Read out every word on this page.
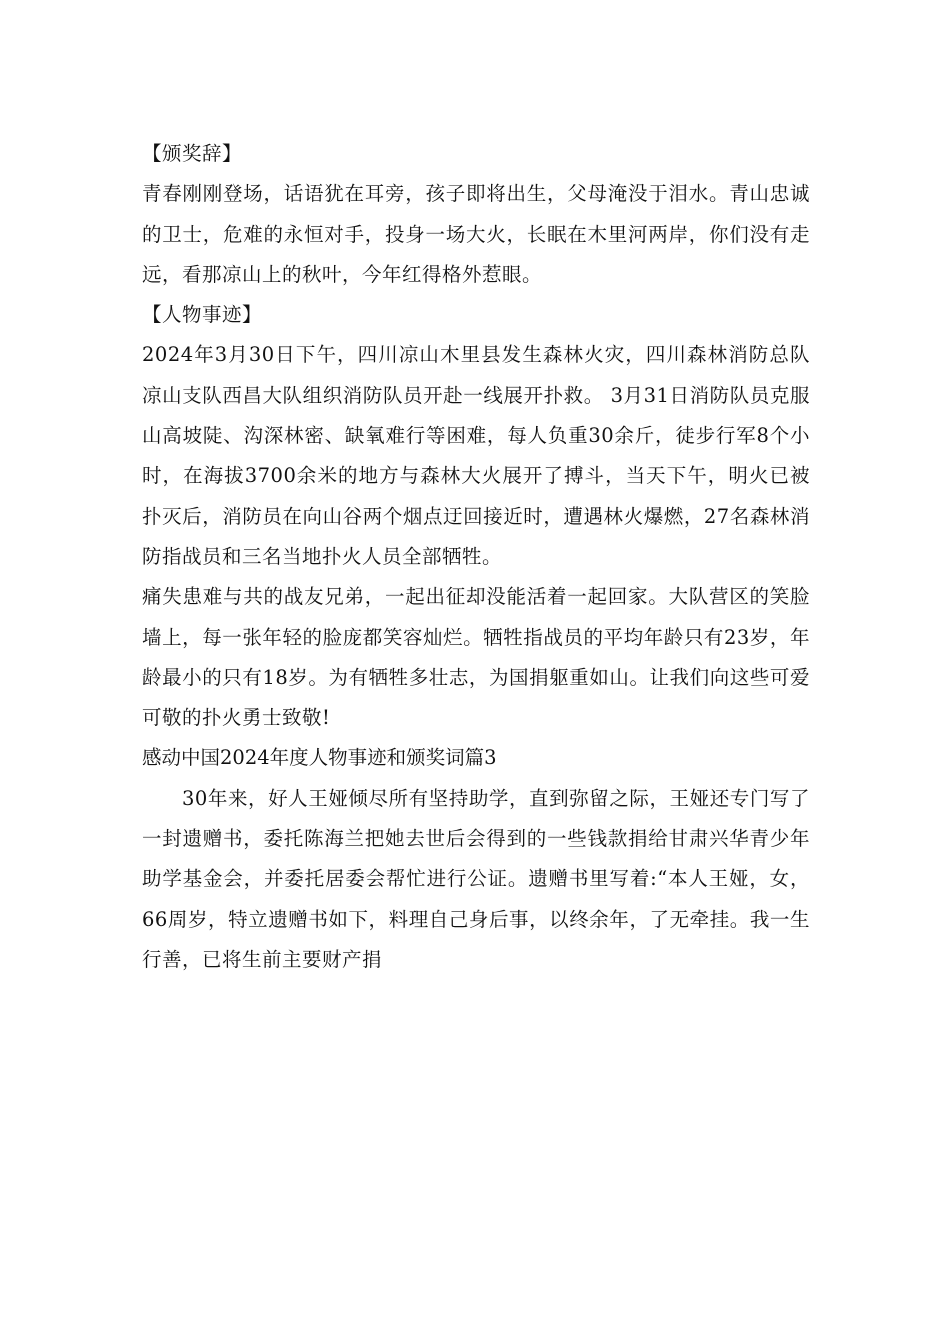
【颁奖辞】

青春刚刚登场，话语犹在耳旁，孩子即将出生，父母淹没于泪水。青山忠诚的卫士，危难的永恒对手，投身一场大火，长眠在木里河两岸，你们没有走远，看那凉山上的秋叶，今年红得格外惹眼。

【人物事迹】

2024年3月30日下午，四川凉山木里县发生森林火灾，四川森林消防总队凉山支队西昌大队组织消防队员开赴一线展开扑救。 3月31日消防队员克服山高坡陡、沟深林密、缺氧难行等困难，每人负重30余斤，徒步行军8个小时，在海拔3700余米的地方与森林大火展开了搏斗，当天下午，明火已被扑灭后，消防员在向山谷两个烟点迂回接近时，遭遇林火爆燃，27名森林消防指战员和三名当地扑火人员全部牺牲。

痛失患难与共的战友兄弟，一起出征却没能活着一起回家。大队营区的笑脸墙上，每一张年轻的脸庞都笑容灿烂。牺牲指战员的平均年龄只有23岁，年龄最小的只有18岁。为有牺牲多壮志，为国捐躯重如山。让我们向这些可爱可敬的扑火勇士致敬!

感动中国2024年度人物事迹和颁奖词篇3

30年来，好人王娅倾尽所有坚持助学，直到弥留之际，王娅还专门写了一封遗赠书，委托陈海兰把她去世后会得到的一些钱款捐给甘肃兴华青少年助学基金会，并委托居委会帮忙进行公证。遗赠书里写着:“本人王娅，女，66周岁，特立遗赠书如下，料理自己身后事，以终余年，了无牵挂。我一生行善，已将生前主要财产捐
